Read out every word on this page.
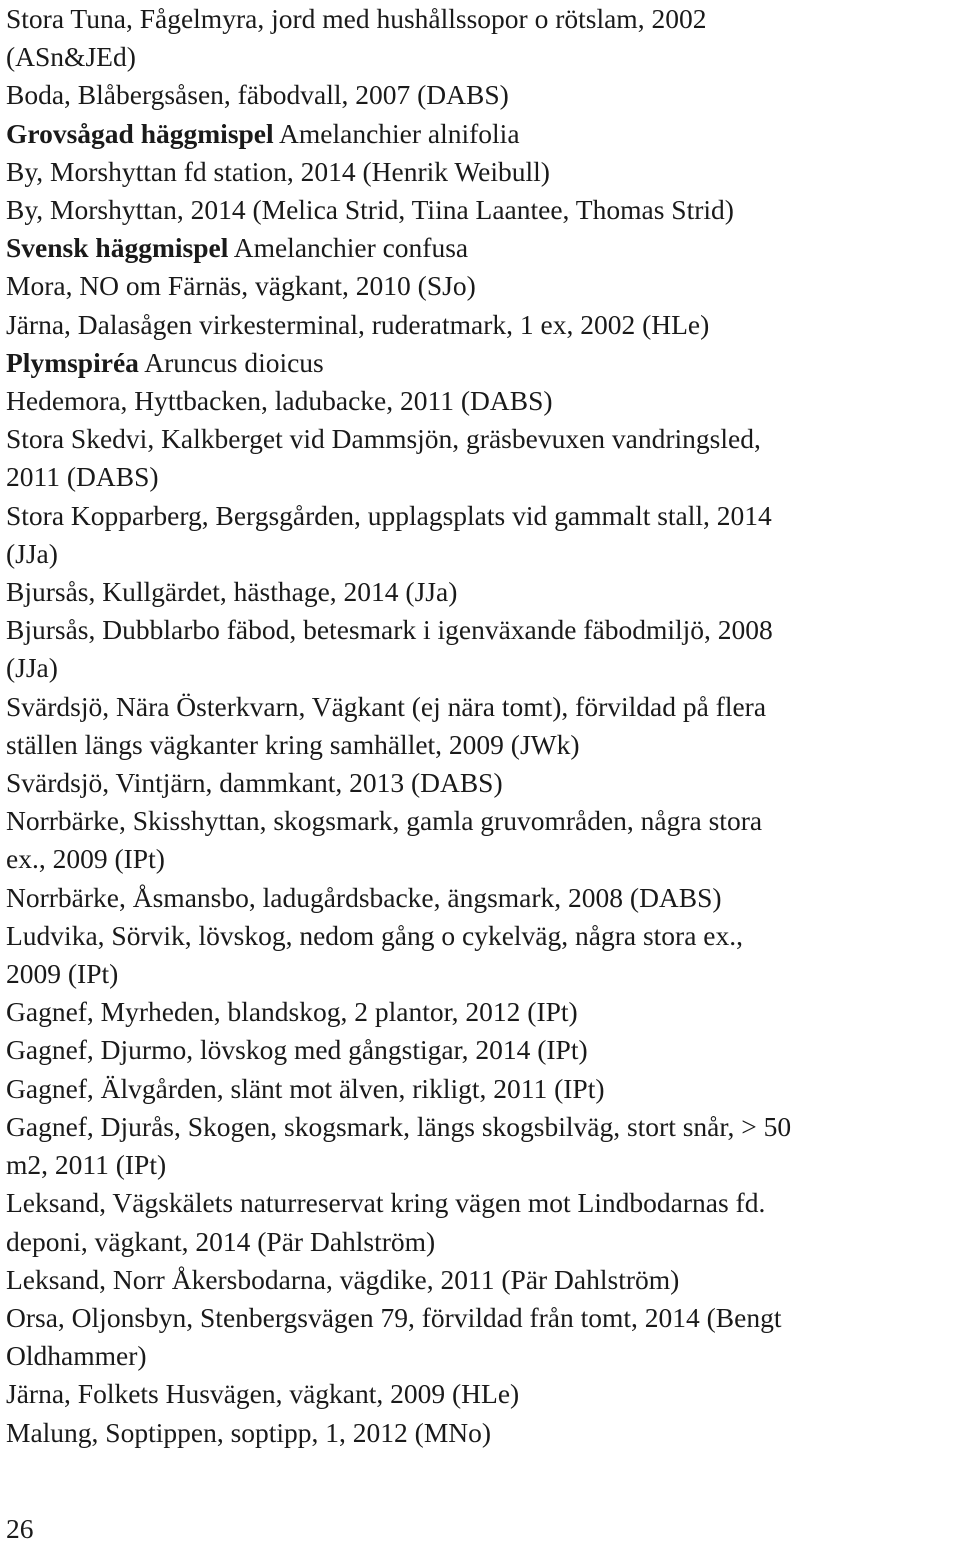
Stora Tuna, Fågelmyra, jord med hushållssopor o rötslam, 2002
(ASn&JEd)
Boda, Blåbergsåsen, fäbodvall, 2007 (DABS)
Grovsågad häggmispel Amelanchier alnifolia
By, Morshyttan fd station, 2014 (Henrik Weibull)
By, Morshyttan, 2014 (Melica Strid, Tiina Laantee, Thomas Strid)
Svensk häggmispel Amelanchier confusa
Mora, NO om Färnäs, vägkant, 2010 (SJo)
Järna, Dalasågen virkesterminal, ruderatmark, 1 ex, 2002 (HLe)
Plymspiréa Aruncus dioicus
Hedemora, Hyttbacken, ladubacke, 2011 (DABS)
Stora Skedvi, Kalkberget vid Dammsjön, gräsbevuxen vandringsled,
2011 (DABS)
Stora Kopparberg, Bergsgården, upplagsplats vid gammalt stall, 2014
(JJa)
Bjursås, Kullgärdet, hästhage, 2014 (JJa)
Bjursås, Dubblarbo fäbod, betesmark i igenväxande fäbodmiljö, 2008
(JJa)
Svärdsjö, Nära Österkvarn, Vägkant (ej nära tomt), förvildad på flera
ställen längs vägkanter kring samhället, 2009 (JWk)
Svärdsjö, Vintjärn, dammkant, 2013 (DABS)
Norrbärke, Skisshyttan, skogsmark, gamla gruvområden, några stora
ex., 2009 (IPt)
Norrbärke, Åsmansbo, ladugårdsbacke, ängsmark, 2008 (DABS)
Ludvika, Sörvik, lövskog, nedom gång o cykelväg, några stora ex.,
2009 (IPt)
Gagnef, Myrheden, blandskog, 2 plantor, 2012 (IPt)
Gagnef, Djurmo, lövskog med gångstigar, 2014 (IPt)
Gagnef, Älvgården, slänt mot älven, rikligt, 2011 (IPt)
Gagnef, Djurås, Skogen, skogsmark, längs skogsbilväg, stort snår, > 50
m2, 2011 (IPt)
Leksand, Vägskälets naturreservat kring vägen mot Lindbodarnas fd.
deponi, vägkant, 2014 (Pär Dahlström)
Leksand, Norr Åkersbodarna, vägdike, 2011 (Pär Dahlström)
Orsa, Oljonsbyn, Stenbergsvägen 79, förvildad från tomt, 2014 (Bengt
Oldhammer)
Järna, Folkets Husvägen, vägkant, 2009 (HLe)
Malung, Soptippen, soptipp, 1, 2012 (MNo)
26
